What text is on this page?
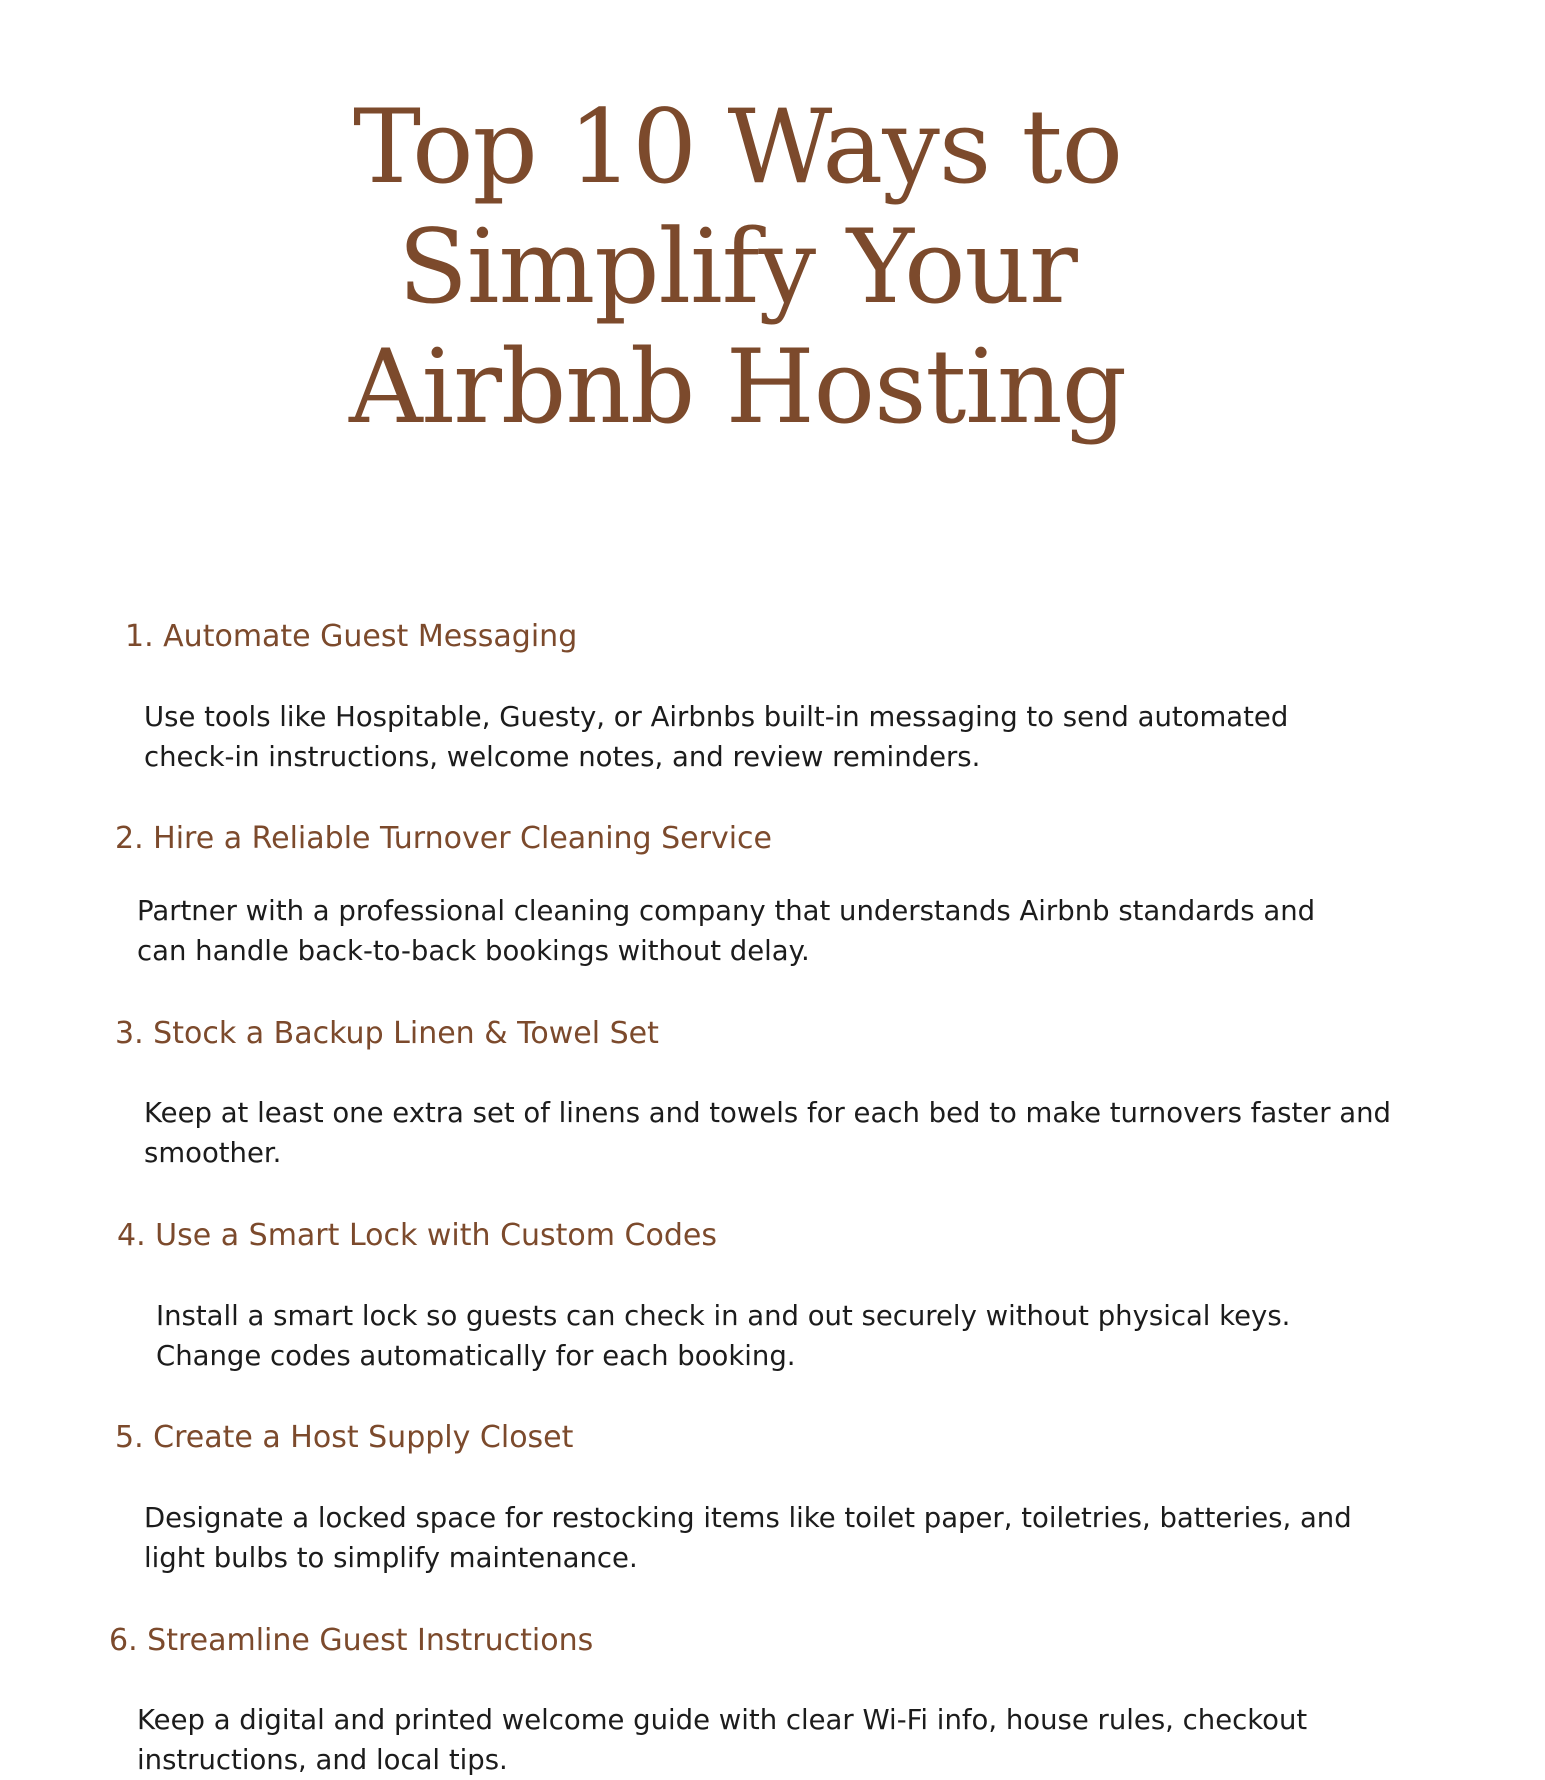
Top 10 Ways to
Simplify Your
Airbnb Hosting
1. Automate Guest Messaging
Use tools like Hospitable, Guesty, or Airbnbs built-in messaging to send automated
check-in instructions, welcome notes, and review reminders.
2. Hire a Reliable Turnover Cleaning Service
Partner with a professional cleaning company that understands Airbnb standards and
can handle back-to-back bookings without delay.
3. Stock a Backup Linen & Towel Set
Keep at least one extra set of linens and towels for each bed to make turnovers faster and
smoother.
4. Use a Smart Lock with Custom Codes
Install a smart lock so guests can check in and out securely without physical keys.
Change codes automatically for each booking.
5. Create a Host Supply Closet
Designate a locked space for restocking items like toilet paper, toiletries, batteries, and
light bulbs to simplify maintenance.
6. Streamline Guest Instructions
Keep a digital and printed welcome guide with clear Wi-Fi info, house rules, checkout
instructions, and local tips.
